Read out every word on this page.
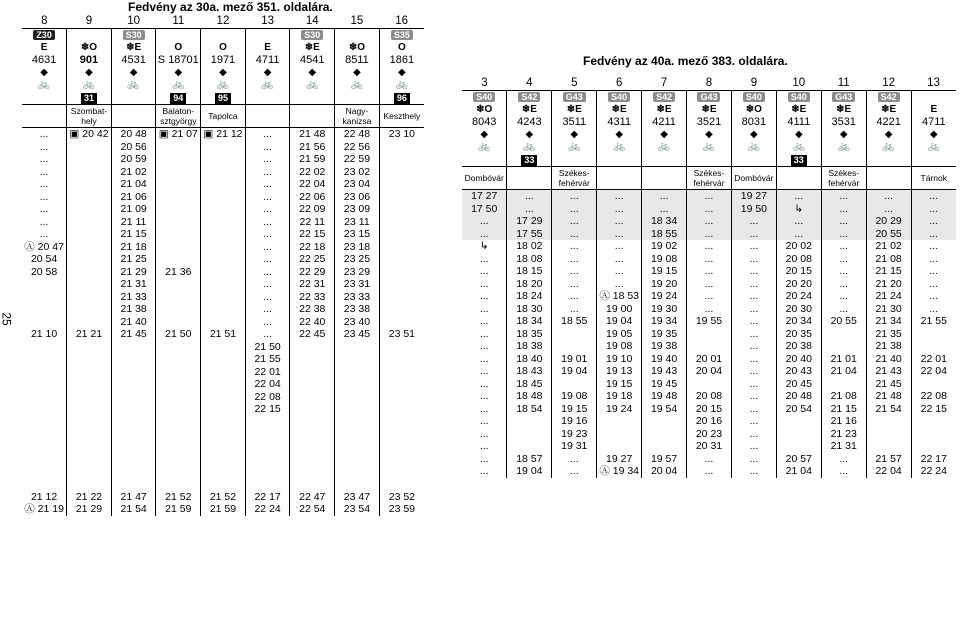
Fedvény az 30a. mező 351. oldalára.
Fedvény az 40a. mező 383. oldalára.
25
8	9	10	11	12	13	14	15	16
Z30		S30				S30		S35
E	❄O	❄E	O	O	E	❄E	❄O	O
4631	901	4531	S 18701	1971	4711	4541	8511	1861
◆	◆	◆	◆	◆	◆	◆	◆	◆
🚲	🚲	🚲	🚲	🚲	🚲	🚲	🚲	🚲
	31		94	95				96
	Szombat-hely		Balaton-sztgyörgy	Tapolca			Nagy-kanizsa	Keszthely
...	▣ 20 42	20 48	▣ 21 07	▣ 21 12	...	21 48	22 48	23 10
...		20 56			...	21 56	22 56	
...		20 59			...	21 59	22 59	
...		21 02			...	22 02	23 02	
...		21 04			...	22 04	23 04	
...		21 06			...	22 06	23 06	
...		21 09			...	22 09	23 09	
...		21 11			...	22 11	23 11	
...		21 15			...	22 15	23 15	
Ⓐ 20 47		21 18			...	22 18	23 18	
20 54		21 25			...	22 25	23 25	
20 58		21 29	21 36		...	22 29	23 29	
		21 31			...	22 31	23 31	
		21 33			...	22 33	23 33	
		21 38			...	22 38	23 38	
		21 40			...	22 40	23 40	
21 10	21 21	21 45	21 50	21 51	...	22 45	23 45	23 51
					21 50			
					21 55			
					22 01			
					22 04			
					22 08			
					22 15			

21 12	21 22	21 47	21 52	21 52	22 17	22 47	23 47	23 52
Ⓐ 21 19	21 29	21 54	21 59	21 59	22 24	22 54	23 54	23 59
3	4	5	6	7	8	9	10	11	12	13
S40	S42	G43	S40	S42	G43	S40	S40	G43	S42	
❄O	❄E	❄E	❄E	❄E	❄E	❄O	❄E	❄E	❄E	E
8043	4243	3511	4311	4211	3521	8031	4111	3531	4221	4711
◆	◆	◆	◆	◆	◆	◆	◆	◆	◆	◆
🚲	🚲	🚲	🚲	🚲	🚲	🚲	🚲	🚲	🚲	🚲
	33						33			
Dombóvár		Székes-fehérvár			Székes-fehérvár	Dombóvár		Székes-fehérvár		Tárnok
17 27	...	...	...	...	...	19 27	...	...	...	...
17 50	...	...	...	...	...	19 50	↳	...	...	...
...	17 29	...	...	18 34	...	...	...	...	20 29	...
...	17 55	...	...	18 55	...	...	...	...	20 55	...
↳	18 02	...	...	19 02	...	...	20 02	...	21 02	...
...	18 08	...	...	19 08	...	...	20 08	...	21 08	...
...	18 15	...	...	19 15	...	...	20 15	...	21 15	...
...	18 20	...	...	19 20	...	...	20 20	...	21 20	...
...	18 24	...	Ⓐ 18 53	19 24	...	...	20 24	...	21 24	...
...	18 30	...	19 00	19 30	...	...	20 30	...	21 30	...
...	18 34	18 55	19 04	19 34	19 55	...	20 34	20 55	21 34	21 55
...	18 35		19 05	19 35		...	20 35		21 35	
...	18 38		19 08	19 38		...	20 38		21 38	
...	18 40	19 01	19 10	19 40	20 01	...	20 40	21 01	21 40	22 01
...	18 43	19 04	19 13	19 43	20 04	...	20 43	21 04	21 43	22 04
...	18 45		19 15	19 45		...	20 45		21 45	
...	18 48	19 08	19 18	19 48	20 08	...	20 48	21 08	21 48	22 08
...	18 54	19 15	19 24	19 54	20 15	...	20 54	21 15	21 54	22 15
...		19 16			20 16	...		21 16		
...		19 23			20 23	...		21 23		
...		19 31			20 31	...		21 31		
...	18 57	...	19 27	19 57	...	...	20 57	...	21 57	22 17
...	19 04	...	Ⓐ 19 34	20 04	...	...	21 04	...	22 04	22 24
